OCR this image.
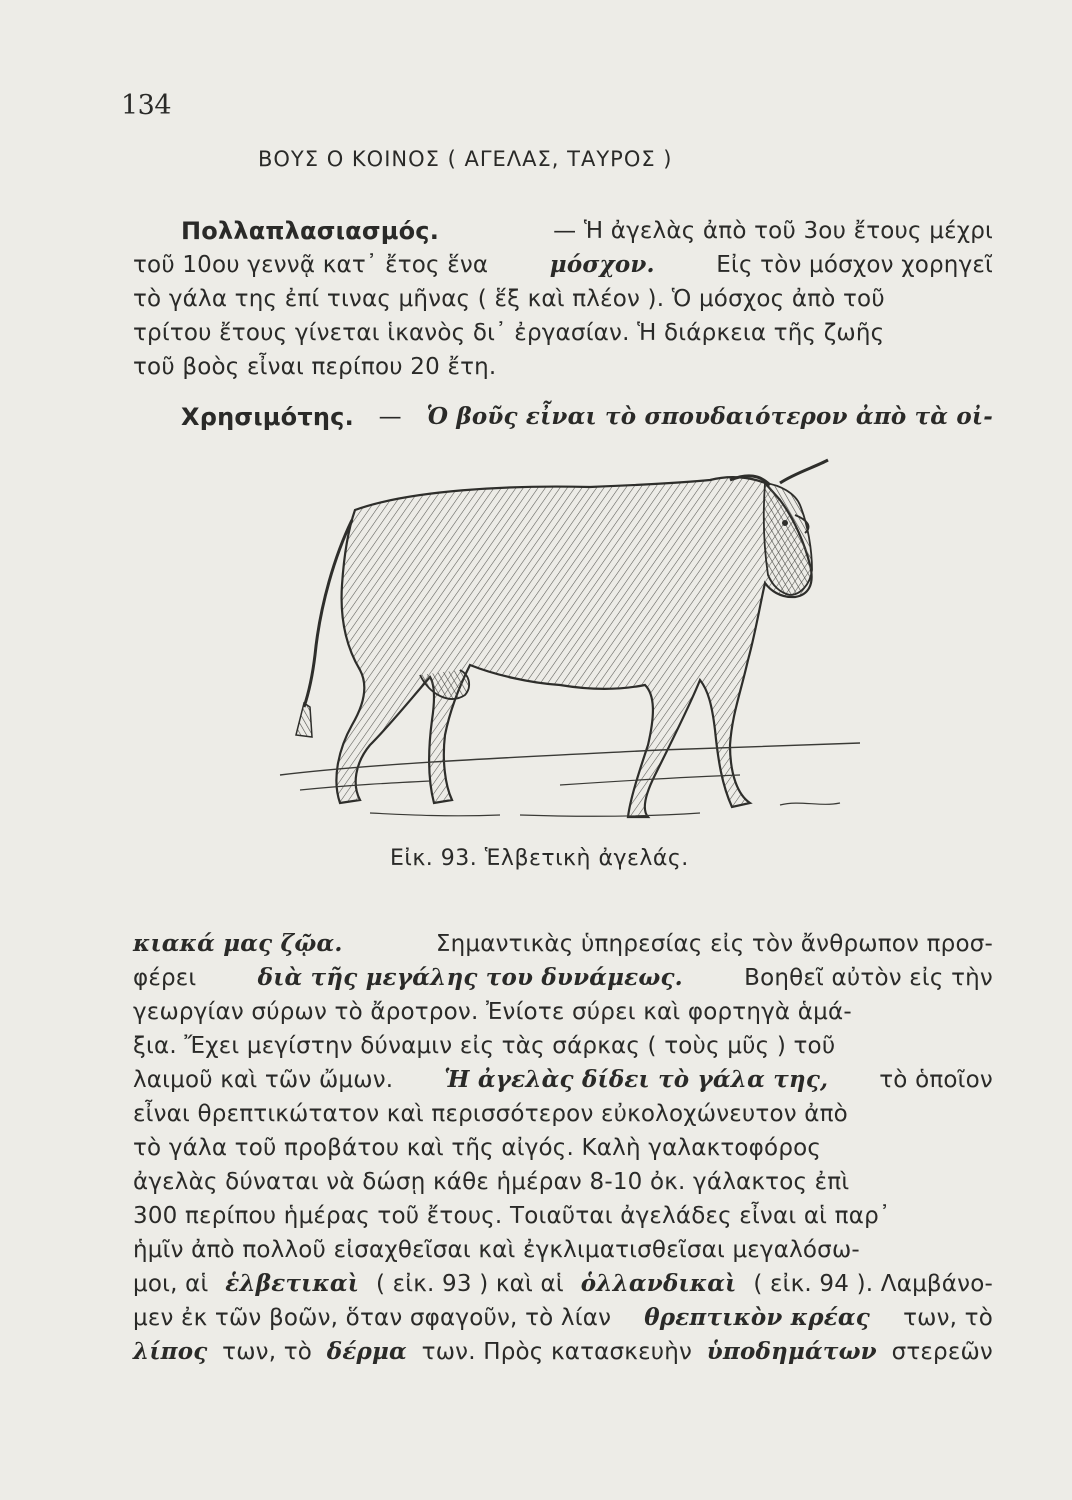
134
ΒΟΥΣ Ο ΚΟΙΝΟΣ ( ΑΓΕΛΑΣ, ΤΑΥΡΟΣ )
Πολλαπλασιασμός.	— Ἡ ἀγελὰς ἀπὸ τοῦ 3ου ἔτους μέχρι
τοῦ 10ου γεννᾷ κατ᾽ ἔτος ἕνα	μόσχον.	Εἰς τὸν μόσχον χορηγεῖ
τὸ γάλα της ἐπί τινας μῆνας ( ἕξ καὶ πλέον ). Ὁ μόσχος ἀπὸ τοῦ
τρίτου ἔτους γίνεται ἱκανὸς δι᾽ ἐργασίαν. Ἡ διάρκεια τῆς ζωῆς
τοῦ βοὸς εἶναι περίπου 20 ἔτη.
Χρησιμότης. — Ὁ βοῦς εἶναι τὸ σπουδαιότερον ἀπὸ τὰ οἰ-
Εἰκ. 93. Ἑλβετικὴ ἀγελάς.
κιακά μας ζῷα.	Σημαντικὰς ὑπηρεσίας εἰς τὸν ἄνθρωπον προσ-
φέρει	διὰ τῆς μεγάλης του δυνάμεως.	Βοηθεῖ αὐτὸν εἰς τὴν
γεωργίαν σύρων τὸ ἄροτρον. Ἐνίοτε σύρει καὶ φορτηγὰ ἁμά-
ξια. Ἔχει μεγίστην δύναμιν εἰς τὰς σάρκας ( τοὺς μῦς ) τοῦ
λαιμοῦ καὶ τῶν ὤμων. Ἡ ἀγελὰς δίδει τὸ γάλα της, τὸ ὁποῖον
εἶναι θρεπτικώτατον καὶ περισσότερον εὐκολοχώνευτον ἀπὸ
τὸ γάλα τοῦ προβάτου καὶ τῆς αἰγός. Καλὴ γαλακτοφόρος
ἀγελὰς δύναται νὰ δώσῃ κάθε ἡμέραν 8-10 ὀκ. γάλακτος ἐπὶ
300 περίπου ἡμέρας τοῦ ἔτους. Τοιαῦται ἀγελάδες εἶναι αἱ παρ᾽
ἡμῖν ἀπὸ πολλοῦ εἰσαχθεῖσαι καὶ ἐγκλιματισθεῖσαι μεγαλόσω-
μοι, αἱ ἑλβετικαὶ ( εἰκ. 93 ) καὶ αἱ ὁλλανδικαὶ ( εἰκ. 94 ). Λαμβάνο-
μεν ἐκ τῶν βοῶν, ὅταν σφαγοῦν, τὸ λίαν θρεπτικὸν κρέας των, τὸ
λίπος των, τὸ δέρμα των. Πρὸς κατασκευὴν ὑποδημάτων στερεῶν
